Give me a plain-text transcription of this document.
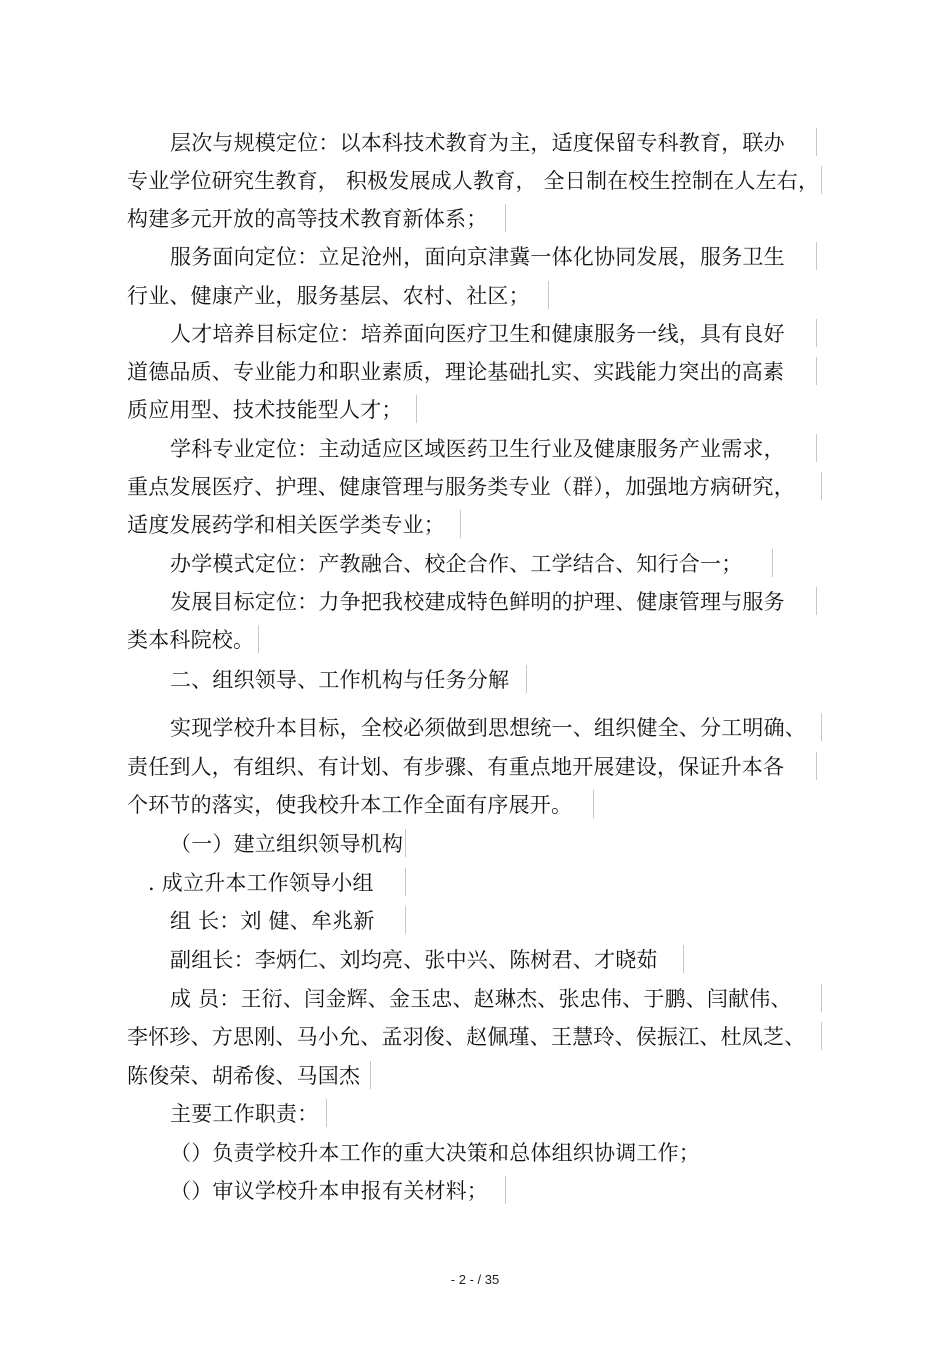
层次与规模定位：以本科技术教育为主，适度保留专科教育，联办
专业学位研究生教育， 积极发展成人教育， 全日制在校生控制在人左右，
构建多元开放的高等技术教育新体系；
服务面向定位：立足沧州，面向京津冀一体化协同发展，服务卫生
行业、健康产业，服务基层、农村、社区；
人才培养目标定位：培养面向医疗卫生和健康服务一线，具有良好
道德品质、专业能力和职业素质，理论基础扎实、实践能力突出的高素
质应用型、技术技能型人才；
学科专业定位：主动适应区域医药卫生行业及健康服务产业需求，
重点发展医疗、护理、健康管理与服务类专业（群），加强地方病研究，
适度发展药学和相关医学类专业；
办学模式定位：产教融合、校企合作、工学结合、知行合一；
发展目标定位：力争把我校建成特色鲜明的护理、健康管理与服务
类本科院校。
二、组织领导、工作机构与任务分解
实现学校升本目标，全校必须做到思想统一、组织健全、分工明确、
责任到人，有组织、有计划、有步骤、有重点地开展建设，保证升本各
个环节的落实，使我校升本工作全面有序展开。
（一）建立组织领导机构
. 成立升本工作领导小组
组 长：刘 健、牟兆新
副组长：李炳仁、刘均亮、张中兴、陈树君、才晓茹
成 员：王衍、闫金辉、金玉忠、赵琳杰、张忠伟、于鹏、闫献伟、
李怀珍、方思刚、马小允、孟羽俊、赵佩瑾、王慧玲、侯振江、杜凤芝、
陈俊荣、胡希俊、马国杰
主要工作职责：
（）负责学校升本工作的重大决策和总体组织协调工作；
（）审议学校升本申报有关材料；
- 2 - / 35
